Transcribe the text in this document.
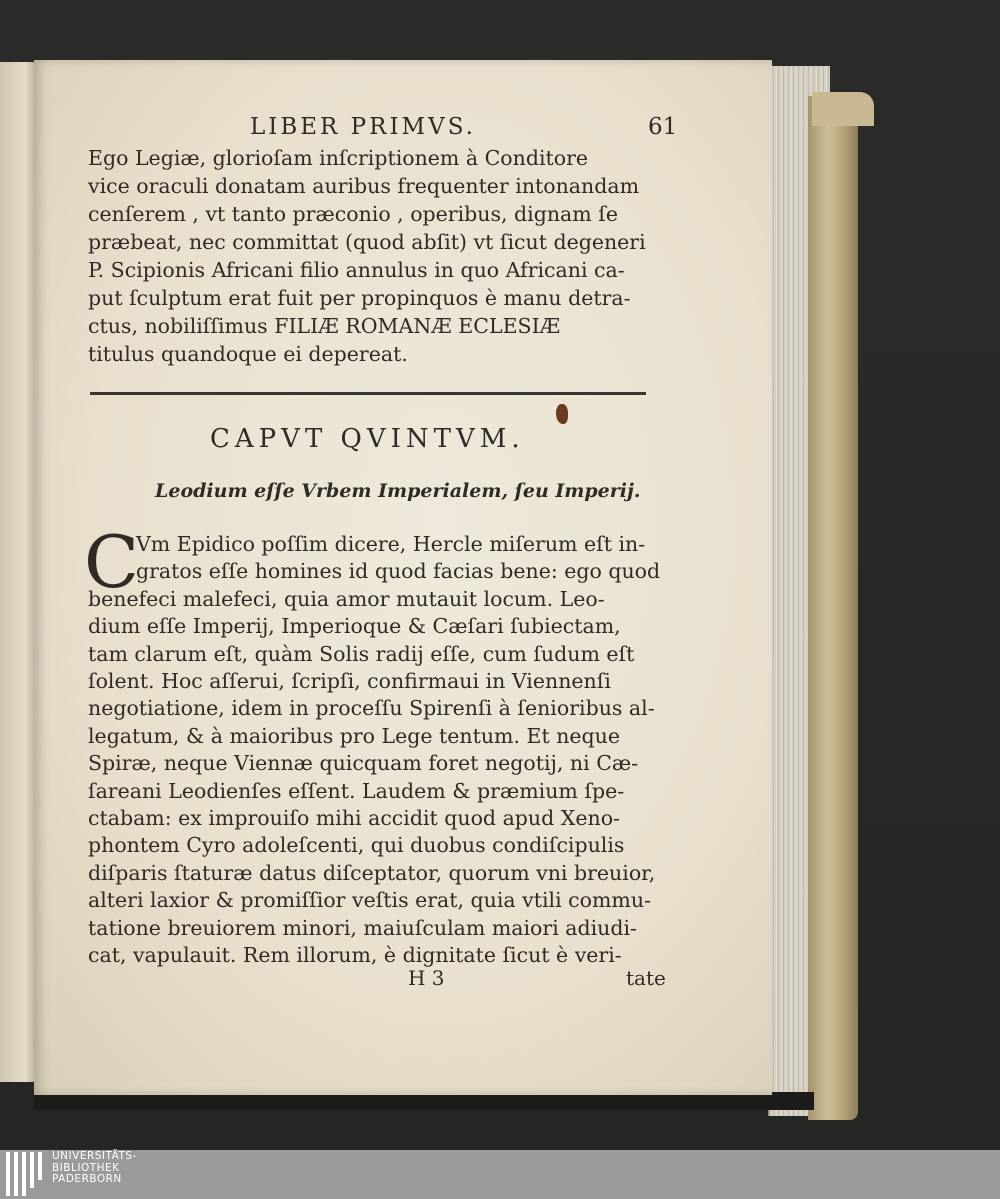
LIBER PRIMVS.	61
Ego Legiæ, glorioſam inſcriptionem à Conditore
vice oraculi donatam auribus frequenter intonandam
cenſerem , vt tanto præconio , operibus, dignam ſe
præbeat, nec committat (quod abſit) vt ſicut degeneri
P. Scipionis Africani filio annulus in quo Africani ca-
put ſculptum erat fuit per propinquos è manu detra-
ctus, nobiliſſimus FILIÆ ROMANÆ ECLESIÆ
titulus quandoque ei depereat.
CAPVT QVINTVM.
Leodium eſſe Vrbem Imperialem, ſeu Imperij.
C
Vm Epidico poſſim dicere, Hercle miſerum eſt in-
gratos eſſe homines id quod facias bene: ego quod
benefeci malefeci, quia amor mutauit locum. Leo-
dium eſſe Imperij, Imperioque & Cæſari ſubiectam,
tam clarum eſt, quàm Solis radij eſſe, cum ſudum eſt
ſolent. Hoc aſſerui, ſcripſi, confirmaui in Viennenſi
negotiatione, idem in proceſſu Spirenſi à ſenioribus al-
legatum, & à maioribus pro Lege tentum. Et neque
Spiræ, neque Viennæ quicquam foret negotij, ni Cæ-
ſareani Leodienſes eſſent. Laudem & præmium ſpe-
ctabam: ex improuiſo mihi accidit quod apud Xeno-
phontem Cyro adoleſcenti, qui duobus condiſcipulis
diſparis ſtaturæ datus diſceptator, quorum vni breuior,
alteri laxior & promiſſior veſtis erat, quia vtili commu-
tatione breuiorem minori, maiuſculam maiori adiudi-
cat, vapulauit. Rem illorum, è dignitate ſicut è veri-
H 3	tate
UNIVERSITÄTS-
BIBLIOTHEK
PADERBORN
